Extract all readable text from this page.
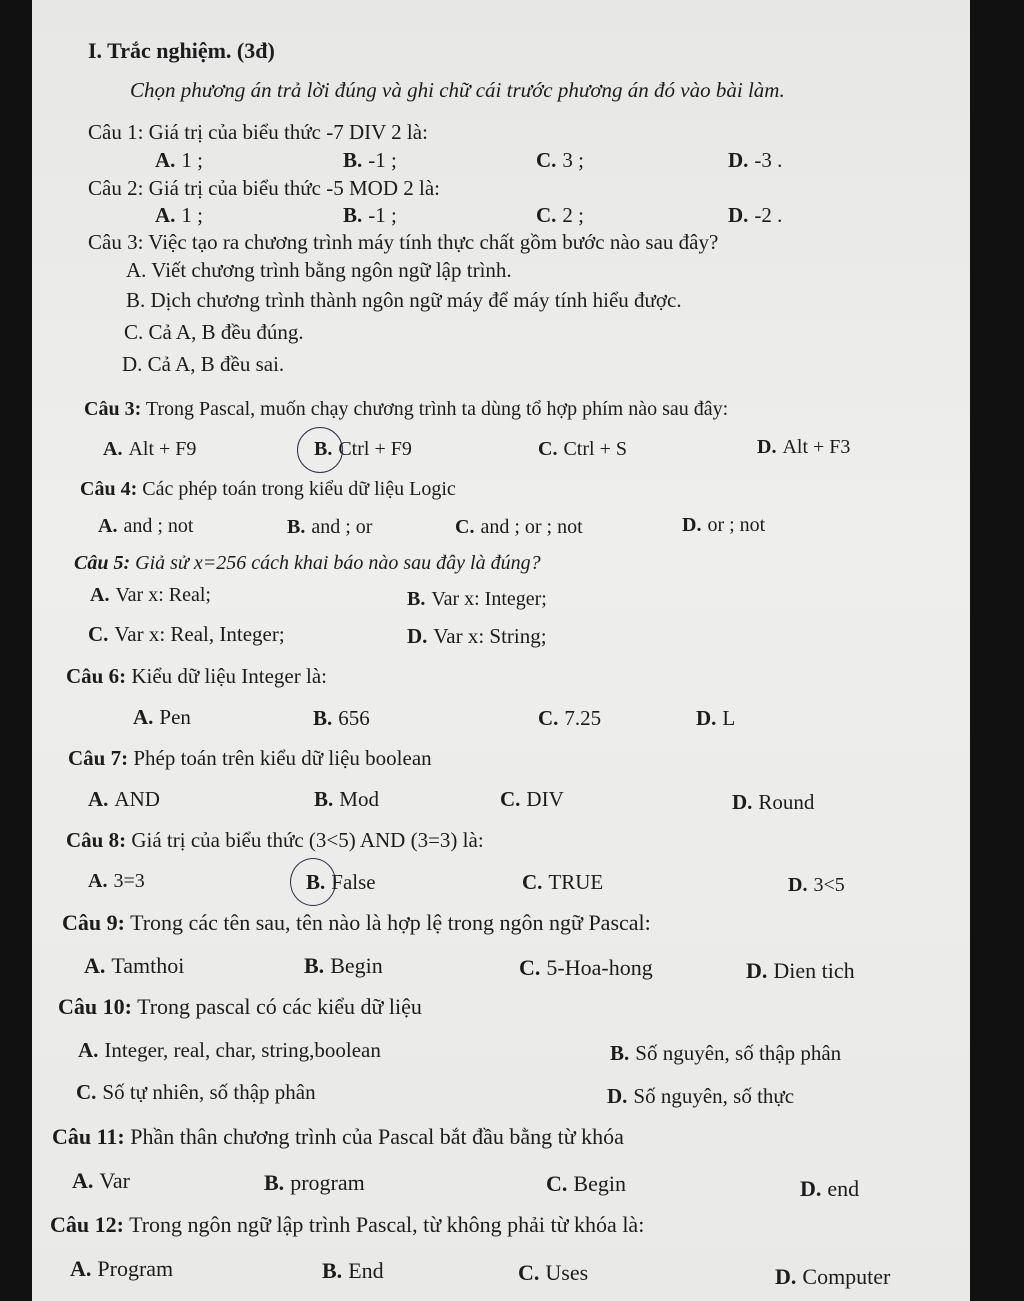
I. Trắc nghiệm. (3đ)
Chọn phương án trả lời đúng và ghi chữ cái trước phương án đó vào bài làm.
Câu 1: Giá trị của biểu thức -7 DIV 2 là:
A. 1 ;	B. -1 ;	C. 3 ;	D. -3 .
Câu 2: Giá trị của biểu thức -5 MOD 2 là:
A. 1 ;	B. -1 ;	C. 2 ;	D. -2 .
Câu 3: Việc tạo ra chương trình máy tính thực chất gồm bước nào sau đây?
A. Viết chương trình bằng ngôn ngữ lập trình.
B. Dịch chương trình thành ngôn ngữ máy để máy tính hiểu được.
C. Cả A, B đều đúng.
D. Cả A, B đều sai.
Câu 3: Trong Pascal, muốn chạy chương trình ta dùng tổ hợp phím nào sau đây:
A. Alt + F9	B. Ctrl + F9	C. Ctrl + S	D. Alt + F3
Câu 4: Các phép toán trong kiểu dữ liệu Logic
A. and ; not	B. and ; or	C. and ; or ; not	D. or ; not
Câu 5: Giả sử x=256 cách khai báo nào sau đây là đúng?
A. Var x: Real;	B. Var x: Integer;
C. Var x: Real, Integer;	D. Var x: String;
Câu 6: Kiểu dữ liệu Integer là:
A. Pen	B. 656	C. 7.25	D. L
Câu 7: Phép toán trên kiểu dữ liệu boolean
A. AND	B. Mod	C. DIV	D. Round
Câu 8: Giá trị của biểu thức (3<5) AND (3=3) là:
A. 3=3	B. False	C. TRUE	D. 3<5
Câu 9: Trong các tên sau, tên nào là hợp lệ trong ngôn ngữ Pascal:
A. Tamthoi	B. Begin	C. 5-Hoa-hong	D. Dien tich
Câu 10: Trong pascal có các kiểu dữ liệu
A. Integer, real, char, string,boolean	B. Số nguyên, số thập phân
C. Số tự nhiên, số thập phân	D. Số nguyên, số thực
Câu 11: Phần thân chương trình của Pascal bắt đầu bằng từ khóa
A. Var	B. program	C. Begin	D. end
Câu 12: Trong ngôn ngữ lập trình Pascal, từ không phải từ khóa là:
A. Program	B. End	C. Uses	D. Computer
